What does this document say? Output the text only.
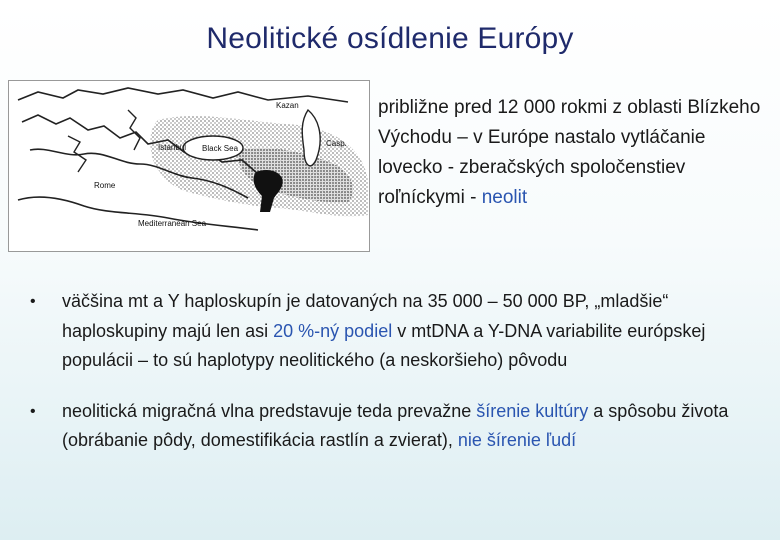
Neolitické osídlenie Európy
Rome
Istanbul Black Sea
Mediterranean Sea
Kazan
Casp.
približne pred 12 000 rokmi z oblasti Blízkeho Východu – v Európe nastalo vytláčanie lovecko - zberačských spoločenstiev roľníckymi - neolit
• väčšina mt a Y haploskupín je datovaných na 35 000 – 50 000 BP, „mladšie“ haploskupiny majú len asi 20 %-ný podiel v mtDNA a Y-DNA variabilite európskej populácii – to sú haplotypy neolitického (a neskoršieho) pôvodu
• neolitická migračná vlna predstavuje teda prevažne šírenie kultúry a spôsobu života (obrábanie pôdy, domestifikácia rastlín a zvierat), nie šírenie ľudí
